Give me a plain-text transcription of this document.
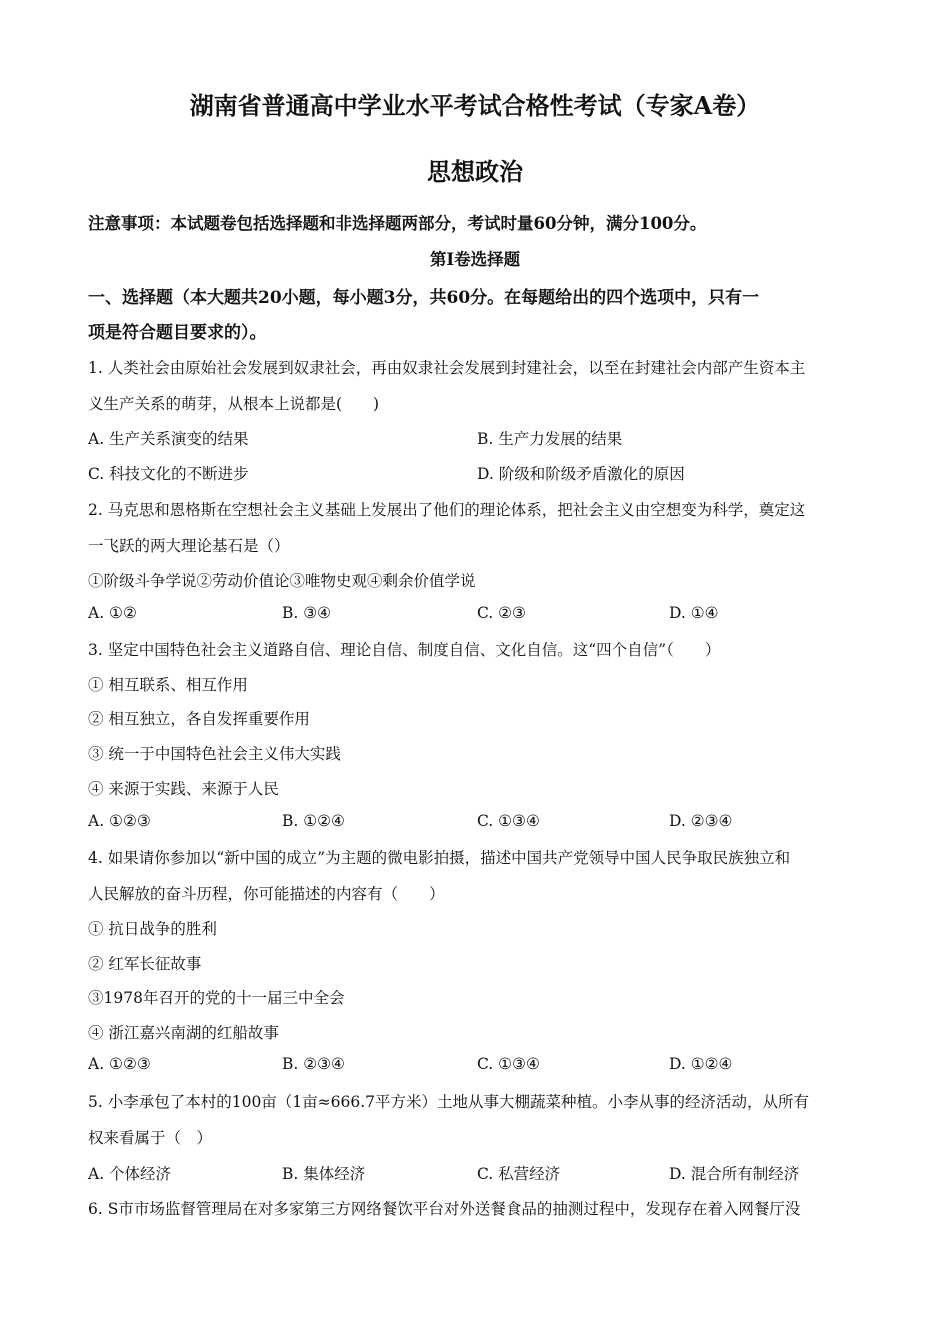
湖南省普通高中学业水平考试合格性考试（专家A卷）
思想政治
注意事项：本试题卷包括选择题和非选择题两部分，考试时量60分钟，满分100分。
第I卷选择题
一、选择题（本大题共20小题，每小题3分，共60分。在每题给出的四个选项中，只有一
项是符合题目要求的）。
1. 人类社会由原始社会发展到奴隶社会，再由奴隶社会发展到封建社会，以至在封建社会内部产生资本主
义生产关系的萌芽，从根本上说都是(　　)
A. 生产关系演变的结果	B. 生产力发展的结果
C. 科技文化的不断进步	D. 阶级和阶级矛盾激化的原因
2. 马克思和恩格斯在空想社会主义基础上发展出了他们的理论体系，把社会主义由空想变为科学，奠定这
一飞跃的两大理论基石是（）
①阶级斗争学说②劳动价值论③唯物史观④剩余价值学说
A. ①②	B. ③④	C. ②③	D. ①④
3. 坚定中国特色社会主义道路自信、理论自信、制度自信、文化自信。这“四个自信”（　　）
① 相互联系、相互作用
② 相互独立，各自发挥重要作用
③ 统一于中国特色社会主义伟大实践
④ 来源于实践、来源于人民
A. ①②③	B. ①②④	C. ①③④	D. ②③④
4. 如果请你参加以“新中国的成立”为主题的微电影拍摄，描述中国共产党领导中国人民争取民族独立和
人民解放的奋斗历程，你可能描述的内容有（　　）
① 抗日战争的胜利
② 红军长征故事
③1978年召开的党的十一届三中全会
④ 浙江嘉兴南湖的红船故事
A. ①②③	B. ②③④	C. ①③④	D. ①②④
5. 小李承包了本村的100亩（1亩≈666.7平方米）土地从事大棚蔬菜种植。小李从事的经济活动，从所有
权来看属于（　）
A. 个体经济	B. 集体经济	C. 私营经济	D. 混合所有制经济
6. S市市场监督管理局在对多家第三方网络餐饮平台对外送餐食品的抽测过程中，发现存在着入网餐厅没
